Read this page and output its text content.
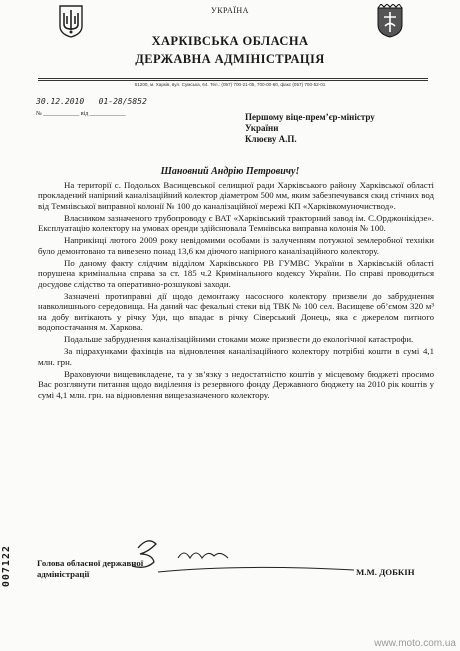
УКРАЇНА
ХАРКІВСЬКА ОБЛАСНА
ДЕРЖАВНА АДМІНІСТРАЦІЯ
61200, м. Харків, вул. Сумська, 64. Тел.: (057) 700-21-05, 700-00-60, факс (057) 700-52-01
30.12.2010 01-28/5852
№ ____________ від ____________	Першому віце-прем’єр-міністру
України
Клюєву А.П.
Шановний Андрію Петровичу!

На території с. Подольох Васищевської селищної ради Харківського району Харківської області прокладений напірний каналізаційний колектор діаметром 500 мм, яким забезпечувався скид стічних вод від Темнівської виправної колонії № 100 до каналізаційної мережі КП «Харківкомуночиствод».

Власником зазначеного трубопроводу є ВАТ «Харківський тракторний завод ім. С.Орджонікідзе». Експлуатацію колектору на умовах оренди здійснювала Темнівська виправна колонія № 100.

Наприкінці лютого 2009 року невідомими особами із залученням потужної землеробної техніки було демонтовано та вивезено понад 13,6 км діючого напірного каналізаційного колектору.

По даному факту слідчим відділом Харківського РВ ГУМВС України в Харківській області порушена кримінальна справа за ст. 185 ч.2 Кримінального кодексу України. По справі проводиться досудове слідство та оперативно-розшукові заходи.

Зазначені протиправні дії щодо демонтажу насосного колектору призвели до забруднення навколишнього середовища. На даний час фекальні стеки від ТВК № 100 сел. Васищеве об’ємом 320 м³ на добу витікають у річку Уди, що впадає в річку Сіверський Донець, яка є джерелом питного водопостачання м. Харкова.

Подальше забруднення каналізаційними стоками може призвести до екологічної катастрофи.

За підрахунками фахівців на відновлення каналізаційного колектору потрібні кошти в сумі 4,1 млн. грн.

Враховуючи вищевикладене, та у зв’язку з недостатністю коштів у місцевому бюджеті просимо Вас розглянути питання щодо виділення із резервного фонду Державного бюджету на 2010 рік коштів у сумі 4,1 млн. грн. на відновлення вищезазначеного колектору.

Голова обласної державної
адміністрації	М.М. ДОБКІН
007122
www.moto.com.ua
